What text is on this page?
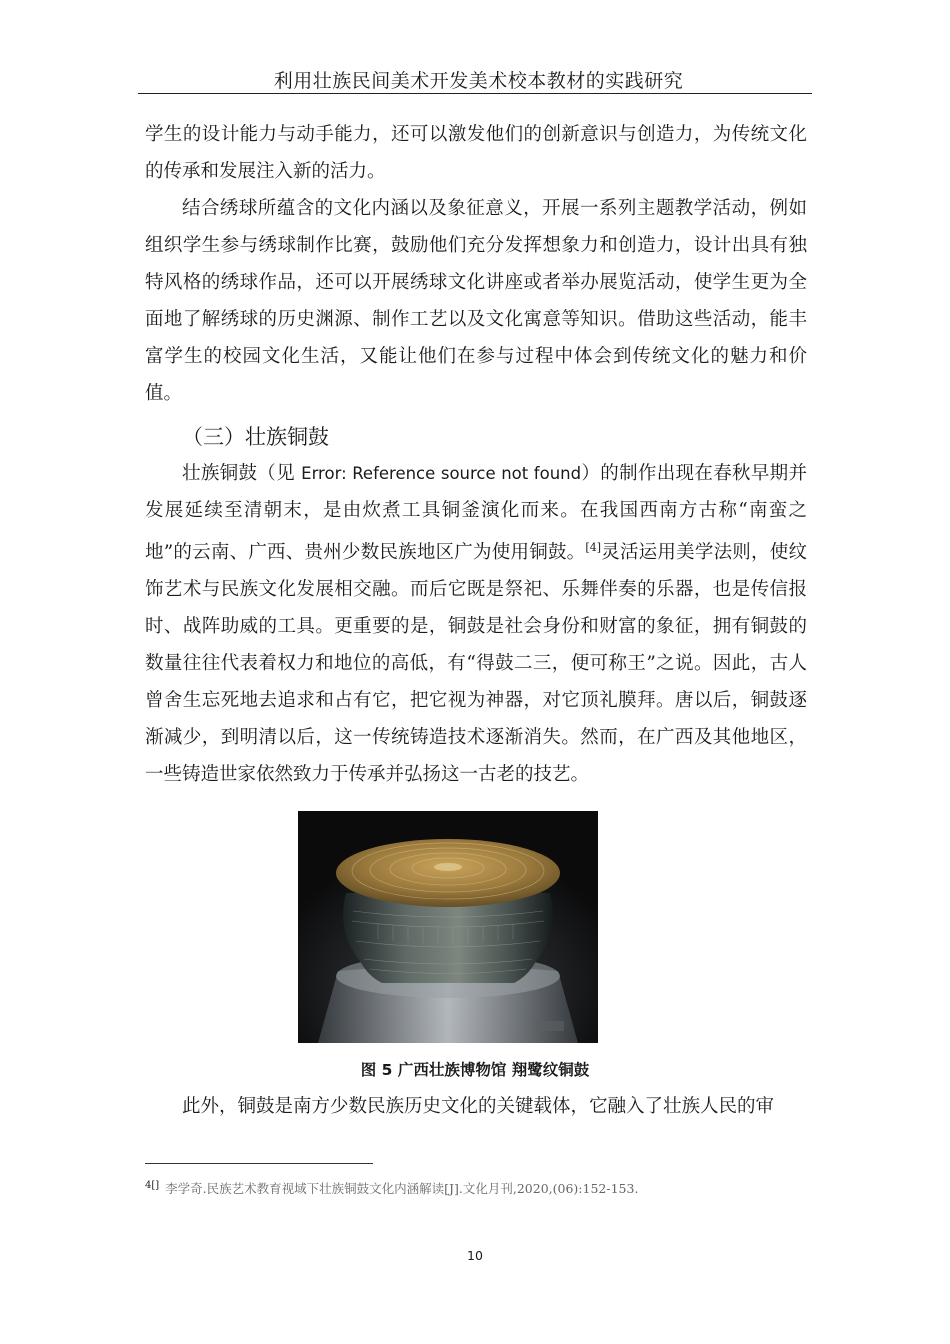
利用壮族民间美术开发美术校本教材的实践研究

学生的设计能力与动手能力，还可以激发他们的创新意识与创造力，为传统文化的传承和发展注入新的活力。

结合绣球所蕴含的文化内涵以及象征意义，开展一系列主题教学活动，例如组织学生参与绣球制作比赛，鼓励他们充分发挥想象力和创造力，设计出具有独特风格的绣球作品，还可以开展绣球文化讲座或者举办展览活动，使学生更为全面地了解绣球的历史渊源、制作工艺以及文化寓意等知识。借助这些活动，能丰富学生的校园文化生活，又能让他们在参与过程中体会到传统文化的魅力和价值。

（三）壮族铜鼓

壮族铜鼓（见 Error: Reference source not found）的制作出现在春秋早期并发展延续至清朝末，是由炊煮工具铜釜演化而来。在我国西南方古称“南蛮之地”的云南、广西、贵州少数民族地区广为使用铜鼓。[4]灵活运用美学法则，使纹饰艺术与民族文化发展相交融。而后它既是祭祀、乐舞伴奏的乐器，也是传信报时、战阵助威的工具。更重要的是，铜鼓是社会身份和财富的象征，拥有铜鼓的数量往往代表着权力和地位的高低，有“得鼓二三，便可称王”之说。因此，古人曾舍生忘死地去追求和占有它，把它视为神器，对它顶礼膜拜。唐以后，铜鼓逐渐减少，到明清以后，这一传统铸造技术逐渐消失。然而，在广西及其他地区，一些铸造世家依然致力于传承并弘扬这一古老的技艺。

图 5 广西壮族博物馆 翔鹭纹铜鼓

此外，铜鼓是南方少数民族历史文化的关键载体，它融入了壮族人民的审

$^{4[]}$ 李学奇.民族艺术教育视域下壮族铜鼓文化内涵解读[J].文化月刊,2020,(06):152-153.
10
